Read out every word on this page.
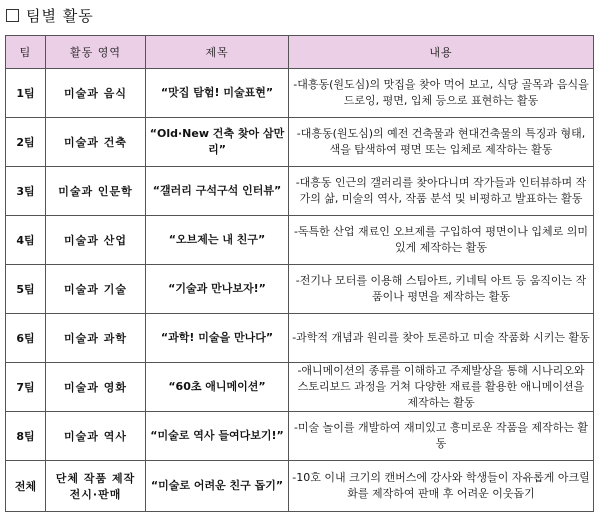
팀별 활동
팀	활동 영역	제목	내용
1팀	미술과 음식	“맛집 탐험! 미술표현”	-대흥동(원도심)의 맛집을 찾아 먹어 보고, 식당 골목과 음식을 드로잉, 평면, 입체 등으로 표현하는 활동
2팀	미술과 건축	“Old·New 건축 찾아 삼만리”	-대흥동(원도심)의 예전 건축물과 현대건축물의 특징과 형태, 색을 탐색하여 평면 또는 입체로 제작하는 활동
3팀	미술과 인문학	“갤러리 구석구석 인터뷰”	-대흥동 인근의 갤러리를 찾아다니며 작가들과 인터뷰하며 작가의 삶, 미술의 역사, 작품 분석 및 비평하고 발표하는 활동
4팀	미술과 산업	“오브제는 내 친구”	-독특한 산업 재료인 오브제를 구입하여 평면이나 입체로 의미 있게 제작하는 활동
5팀	미술과 기술	“기술과 만나보자!”	-전기나 모터를 이용해 스팀아트, 키네틱 아트 등 움직이는 작품이나 평면을 제작하는 활동
6팀	미술과 과학	“과학! 미술을 만나다”	-과학적 개념과 원리를 찾아 토론하고 미술 작품화 시키는 활동
7팀	미술과 영화	“60초 애니메이션”	-애니메이션의 종류를 이해하고 주제발상을 통해 시나리오와 스토리보드 과정을 거쳐 다양한 재료를 활용한 애니메이션을 제작하는 활동
8팀	미술과 역사	“미술로 역사 들여다보기!”	-미술 놀이를 개발하여 재미있고 흥미로운 작품을 제작하는 활동
전체	단체 작품 제작 전시·판매	“미술로 어려운 친구 돕기”	-10호 이내 크기의 캔버스에 강사와 학생들이 자유롭게 아크릴화를 제작하여 판매 후 어려운 이웃돕기
